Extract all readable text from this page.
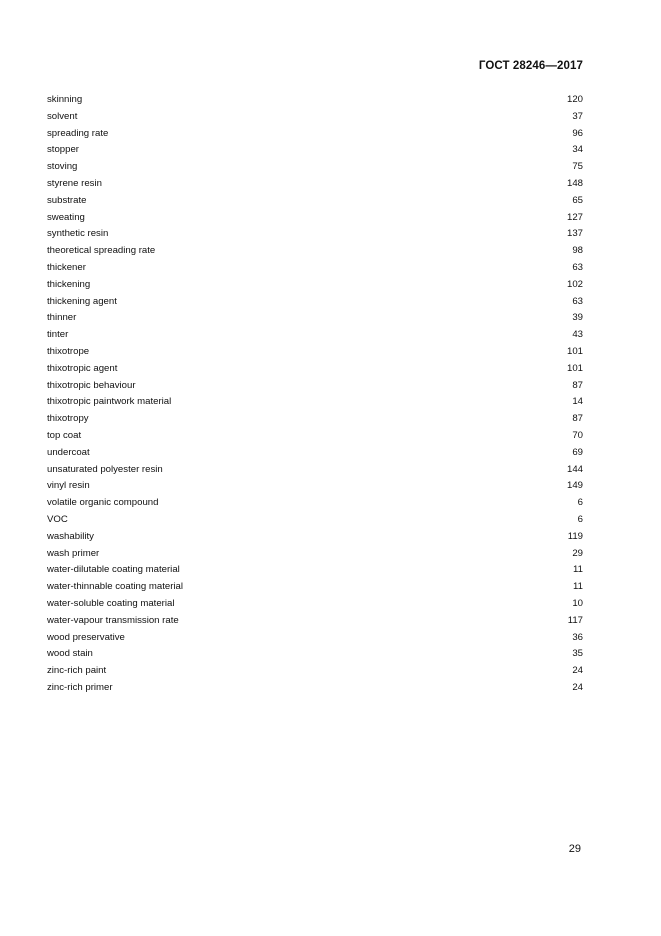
ГОСТ 28246—2017
skinning	120
solvent	37
spreading rate	96
stopper	34
stoving	75
styrene resin	148
substrate	65
sweating	127
synthetic resin	137
theoretical spreading rate	98
thickener	63
thickening	102
thickening agent	63
thinner	39
tinter	43
thixotrope	101
thixotropic agent	101
thixotropic behaviour	87
thixotropic paintwork material	14
thixotropy	87
top coat	70
undercoat	69
unsaturated polyester resin	144
vinyl resin	149
volatile organic compound	6
VOC	6
washability	119
wash primer	29
water-dilutable coating material	11
water-thinnable coating material	11
water-soluble coating material	10
water-vapour transmission rate	117
wood preservative	36
wood stain	35
zinc-rich paint	24
zinc-rich primer	24
29
